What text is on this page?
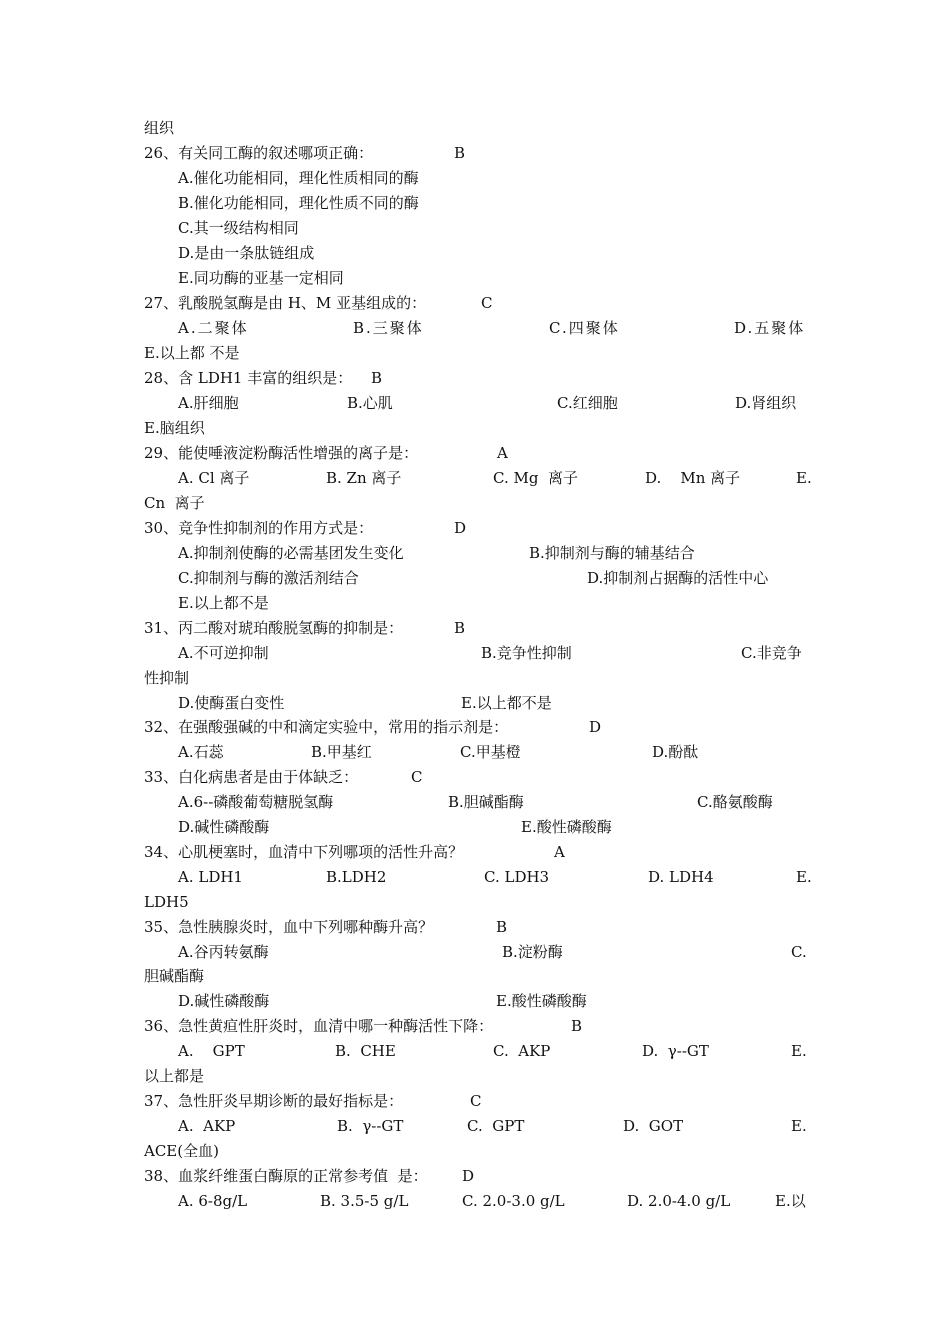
组织
26、有关同工酶的叙述哪项正确：	B
A.催化功能相同，理化性质相同的酶
B.催化功能相同，理化性质不同的酶
C.其一级结构相同
D.是由一条肽链组成
E.同功酶的亚基一定相同
27、乳酸脱氢酶是由 H、M 亚基组成的：	C
A.二聚体	B.三聚体	C.四聚体	D.五聚体
E.以上都 不是
28、含 LDH1 丰富的组织是： B
A.肝细胞	B.心肌	C.红细胞	D.肾组织
E.脑组织
29、能使唾液淀粉酶活性增强的离子是：	A
A. Cl 离子	B. Zn 离子	C. Mg  离子	D.    Mn 离子	E.
Cn  离子
30、竞争性抑制剂的作用方式是：	D
A.抑制剂使酶的必需基团发生变化	B.抑制剂与酶的辅基结合
C.抑制剂与酶的激活剂结合	D.抑制剂占据酶的活性中心
E.以上都不是
31、丙二酸对琥珀酸脱氢酶的抑制是：	B
A.不可逆抑制	B.竞争性抑制	C.非竞争
性抑制
D.使酶蛋白变性	E.以上都不是
32、在强酸强碱的中和滴定实验中，常用的指示剂是：	D
A.石蕊	B.甲基红	C.甲基橙	D.酚酞
33、白化病患者是由于体缺乏：	C
A.6--磷酸葡萄糖脱氢酶	B.胆碱酯酶	C.酪氨酸酶
D.碱性磷酸酶	E.酸性磷酸酶
34、心肌梗塞时，血清中下列哪项的活性升高？	A
A. LDH1	B.LDH2	C. LDH3	D. LDH4	E.
LDH5
35、急性胰腺炎时，血中下列哪种酶升高？	B
A.谷丙转氨酶	B.淀粉酶	C.
胆碱酯酶
D.碱性磷酸酶	E.酸性磷酸酶
36、急性黄疸性肝炎时，血清中哪一种酶活性下降：	B
A.    GPT	B.  CHE	C.  AKP	D.  γ--GT	E.
以上都是
37、急性肝炎早期诊断的最好指标是：	C
A.  AKP	B.  γ--GT	C.  GPT	D.  GOT	E.
ACE(全血)
38、血浆纤维蛋白酶原的正常参考值  是： D
A. 6-8g/L	B. 3.5-5 g/L	C. 2.0-3.0 g/L	D. 2.0-4.0 g/L	E.以
